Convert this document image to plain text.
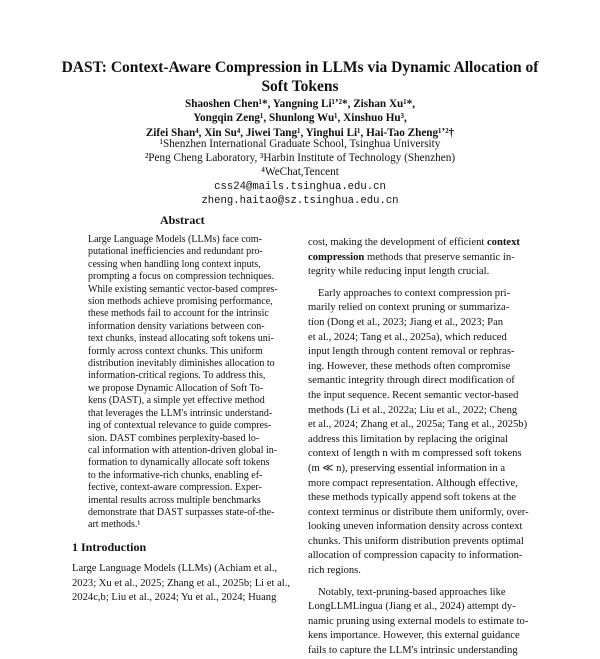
DAST: Context-Aware Compression in LLMs via Dynamic Allocation of
Soft Tokens
Shaoshen Chen¹*, Yangning Li¹ʼ²*, Zishan Xu¹*,
Yongqin Zeng¹, Shunlong Wu¹, Xinshuo Hu³,
Zifei Shan⁴, Xin Su⁴, Jiwei Tang¹, Yinghui Li¹, Hai-Tao Zheng¹ʼ²†
¹Shenzhen International Graduate School, Tsinghua University
²Peng Cheng Laboratory, ³Harbin Institute of Technology (Shenzhen)
⁴WeChat,Tencent
css24@mails.tsinghua.edu.cn
zheng.haitao@sz.tsinghua.edu.cn
Abstract
Large Language Models (LLMs) face com-
putational inefficiencies and redundant pro-
cessing when handling long context inputs,
prompting a focus on compression techniques.
While existing semantic vector-based compres-
sion methods achieve promising performance,
these methods fail to account for the intrinsic
information density variations between con-
text chunks, instead allocating soft tokens uni-
formly across context chunks. This uniform
distribution inevitably diminishes allocation to
information-critical regions. To address this,
we propose Dynamic Allocation of Soft To-
kens (DAST), a simple yet effective method
that leverages the LLM's intrinsic understand-
ing of contextual relevance to guide compres-
sion. DAST combines perplexity-based lo-
cal information with attention-driven global in-
formation to dynamically allocate soft tokens
to the informative-rich chunks, enabling ef-
fective, context-aware compression. Exper-
imental results across multiple benchmarks
demonstrate that DAST surpasses state-of-the-
art methods.¹
1 Introduction
Large Language Models (LLMs) (Achiam et al.,
2023; Xu et al., 2025; Zhang et al., 2025b; Li et al.,
2024c,b; Liu et al., 2024; Yu et al., 2024; Huang
cost, making the development of efficient context
compression methods that preserve semantic in-
tegrity while reducing input length crucial.
Early approaches to context compression pri-
marily relied on context pruning or summariza-
tion (Dong et al., 2023; Jiang et al., 2023; Pan
et al., 2024; Tang et al., 2025a), which reduced
input length through content removal or rephras-
ing. However, these methods often compromise
semantic integrity through direct modification of
the input sequence. Recent semantic vector-based
methods (Li et al., 2022a; Liu et al., 2022; Cheng
et al., 2024; Zhang et al., 2025a; Tang et al., 2025b)
address this limitation by replacing the original
context of length n with m compressed soft tokens
(m ≪ n), preserving essential information in a
more compact representation. Although effective,
these methods typically append soft tokens at the
context terminus or distribute them uniformly, over-
looking uneven information density across context
chunks. This uniform distribution prevents optimal
allocation of compression capacity to information-
rich regions.
Notably, text-pruning-based approaches like
LongLLMLingua (Jiang et al., 2024) attempt dy-
namic pruning using external models to estimate to-
kens importance. However, this external guidance
fails to capture the LLM's intrinsic understanding
